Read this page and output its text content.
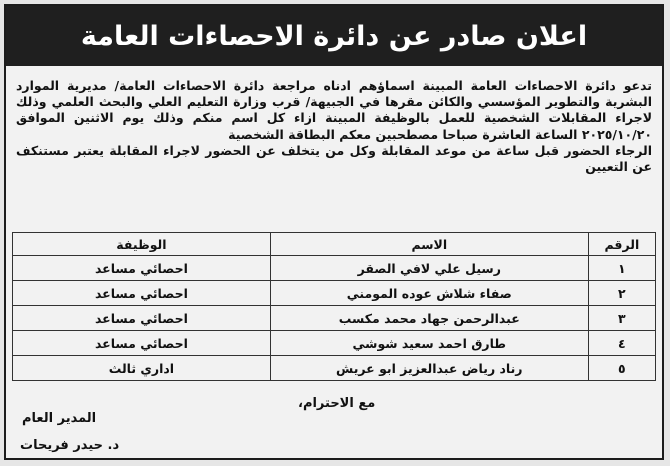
اعلان صادر عن دائرة الاحصاءات العامة

تدعو دائرة الاحصاءات العامة المبينة اسماؤهم ادناه مراجعة دائرة الاحصاءات العامة/ مديرية الموارد البشرية والتطوير المؤسسي والكائن مقرها في الجبيهة/ قرب وزارة التعليم العلي والبحث العلمي وذلك لاجراء المقابلات الشخصية للعمل بالوظيفة المبينة ازاء كل اسم منكم وذلك يوم الاثنين الموافق ٢٠٢٥/١٠/٢٠ الساعة العاشرة صباحا مصطحبين معكم البطاقة الشخصية

الرجاء الحضور قبل ساعة من موعد المقابلة وكل من يتخلف عن الحضور لاجراء المقابلة يعتبر مستنكف عن التعيين

الرقم	الاسم	الوظيفة
١	رسيل علي لافي الصقر	احصائي مساعد
٢	صفاء شلاش عوده المومني	احصائي مساعد
٣	عبدالرحمن جهاد محمد مكسب	احصائي مساعد
٤	طارق احمد سعيد شوشي	احصائي مساعد
٥	رناد رياض عبدالعزيز ابو عريش	اداري ثالث
مع الاحترام،
المدير العام
د. حيدر فريحات
